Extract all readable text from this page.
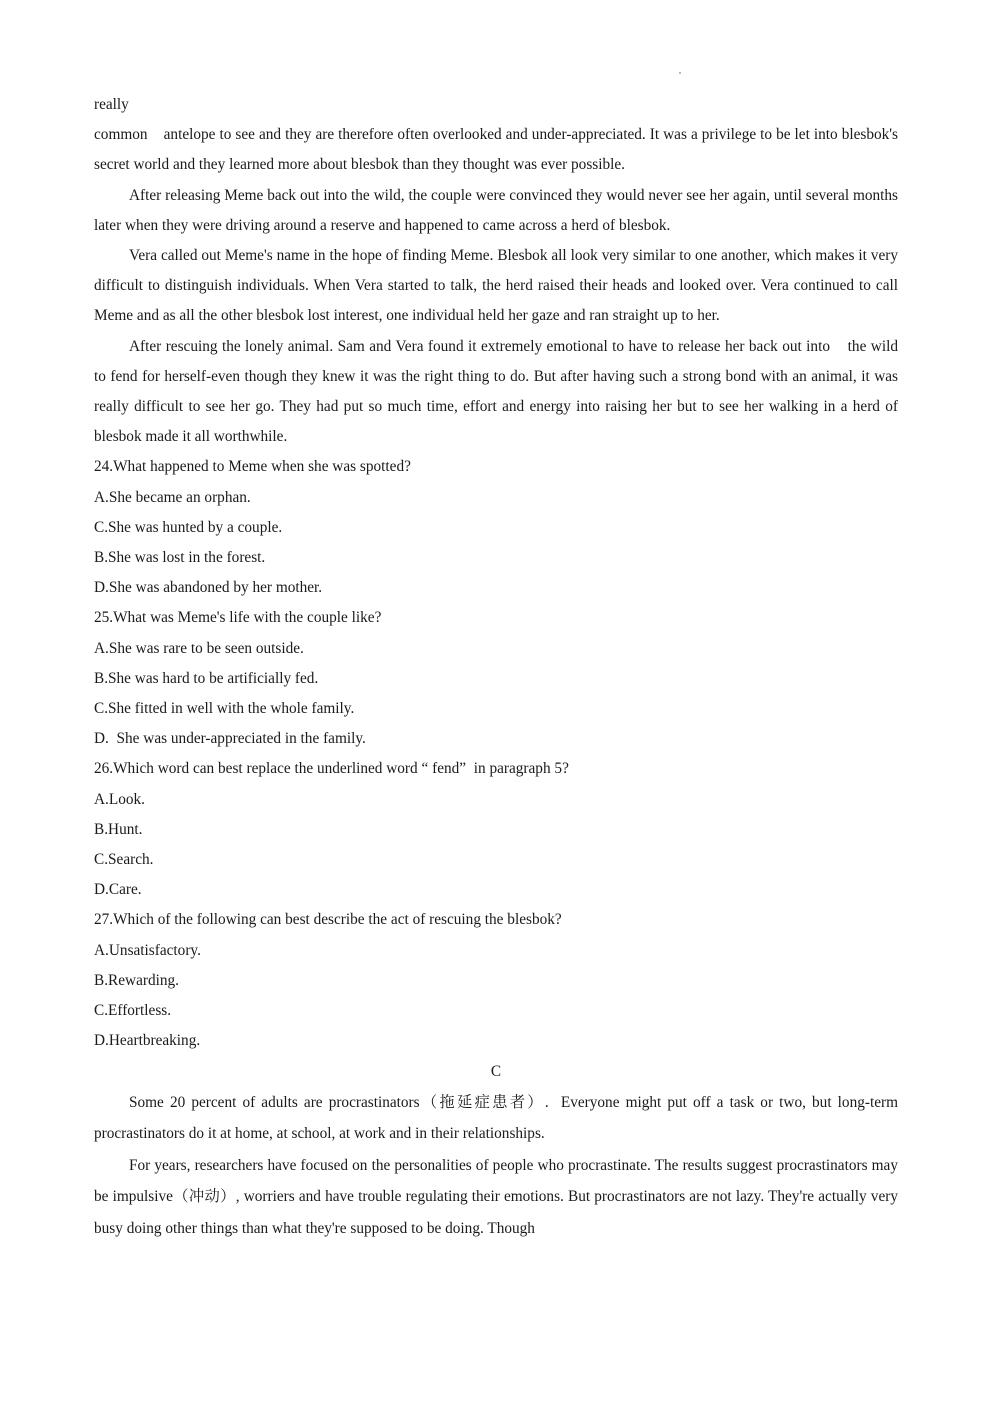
really

common    antelope to see and they are therefore often overlooked and under-appreciated. It was a privilege to be let into blesbok's secret world and they learned more about blesbok than they thought was ever possible.

After releasing Meme back out into the wild, the couple were convinced they would never see her again, until several months later when they were driving around a reserve and happened to came across a herd of blesbok.

Vera called out Meme's name in the hope of finding Meme. Blesbok all look very similar to one another, which makes it very difficult to distinguish individuals. When Vera started to talk, the herd raised their heads and looked over. Vera continued to call Meme and as all the other blesbok lost interest, one individual held her gaze and ran straight up to her.

After rescuing the lonely animal. Sam and Vera found it extremely emotional to have to release her back out into    the wild to fend for herself-even though they knew it was the right thing to do. But after having such a strong bond with an animal, it was really difficult to see her go. They had put so much time, effort and energy into raising her but to see her walking in a herd of blesbok made it all worthwhile.

24.What happened to Meme when she was spotted?

A.She became an orphan.

C.She was hunted by a couple.

B.She was lost in the forest.

D.She was abandoned by her mother.

25.What was Meme's life with the couple like?

A.She was rare to be seen outside.

B.She was hard to be artificially fed.

C.She fitted in well with the whole family.

D.  She was under-appreciated in the family.

26.Which word can best replace the underlined word “ fend”  in paragraph 5?

A.Look.

B.Hunt.

C.Search.

D.Care.

27.Which of the following can best describe the act of rescuing the blesbok?

A.Unsatisfactory.

B.Rewarding.

C.Effortless.

D.Heartbreaking.

C

Some 20 percent of adults are procrastinators（拖延症患者）.  Everyone might put off a task or two, but long-term procrastinators do it at home, at school, at work and in their relationships.

For years, researchers have focused on the personalities of people who procrastinate. The results suggest procrastinators may be impulsive（冲动）, worriers and have trouble regulating their emotions. But procrastinators are not lazy. They're actually very busy doing other things than what they're supposed to be doing. Though
